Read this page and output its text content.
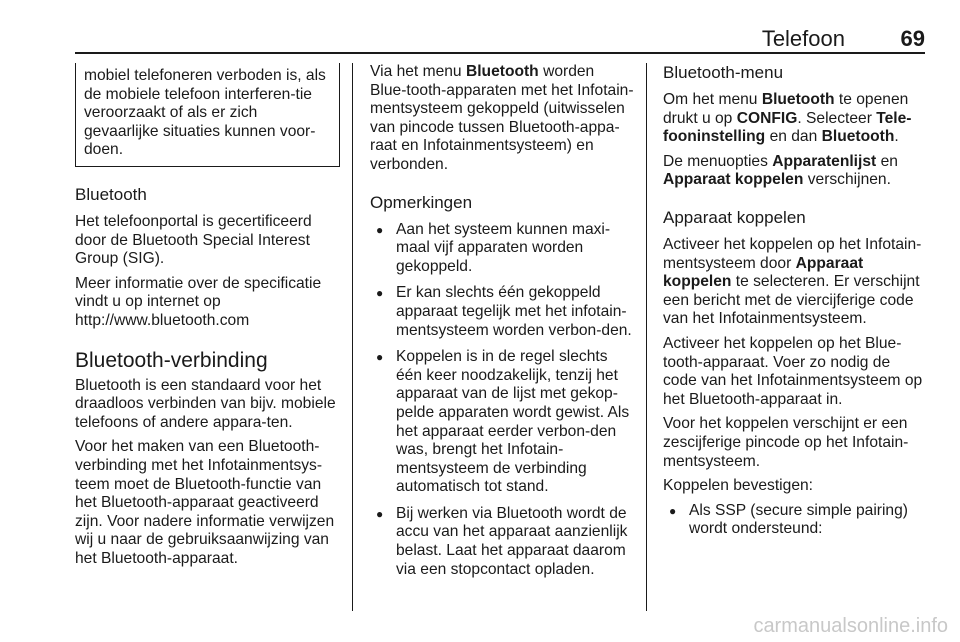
Telefoon	69
mobiel telefoneren verboden is, als de mobiele telefoon interferen-tie veroorzaakt of als er zich gevaarlijke situaties kunnen voor-doen.
Bluetooth

Het telefoonportal is gecertificeerd door de Bluetooth Special Interest Group (SIG).

Meer informatie over de specificatie vindt u op internet op
http://www.bluetooth.com

Bluetooth-verbinding

Bluetooth is een standaard voor het draadloos verbinden van bijv. mobiele telefoons of andere appara-ten.

Voor het maken van een Bluetooth-verbinding met het Infotainmentsys-teem moet de Bluetooth-functie van het Bluetooth-apparaat geactiveerd zijn. Voor nadere informatie verwijzen wij u naar de gebruiksaanwijzing van het Bluetooth-apparaat.

Via het menu Bluetooth worden Blue-tooth-apparaten met het Infotain-mentsysteem gekoppeld (uitwisselen van pincode tussen Bluetooth-appa-raat en Infotainmentsysteem) en verbonden.

Opmerkingen
● Aan het systeem kunnen maxi-maal vijf apparaten worden gekoppeld.
● Er kan slechts één gekoppeld apparaat tegelijk met het infotain-mentsysteem worden verbon-den.
● Koppelen is in de regel slechts één keer noodzakelijk, tenzij het apparaat van de lijst met gekop-pelde apparaten wordt gewist. Als het apparaat eerder verbon-den was, brengt het Infotain-mentsysteem de verbinding automatisch tot stand.
● Bij werken via Bluetooth wordt de accu van het apparaat aanzienlijk belast. Laat het apparaat daarom via een stopcontact opladen.
Bluetooth-menu

Om het menu Bluetooth te openen drukt u op CONFIG. Selecteer Tele-fooninstelling en dan Bluetooth.

De menuopties Apparatenlijst en Apparaat koppelen verschijnen.

Apparaat koppelen

Activeer het koppelen op het Infotain-mentsysteem door Apparaat koppelen te selecteren. Er verschijnt een bericht met de viercijferige code van het Infotainmentsysteem.

Activeer het koppelen op het Blue-tooth-apparaat. Voer zo nodig de code van het Infotainmentsysteem op het Bluetooth-apparaat in.

Voor het koppelen verschijnt er een zescijferige pincode op het Infotain-mentsysteem.

Koppelen bevestigen:

● Als SSP (secure simple pairing) wordt ondersteund:
carmanualsonline.info
